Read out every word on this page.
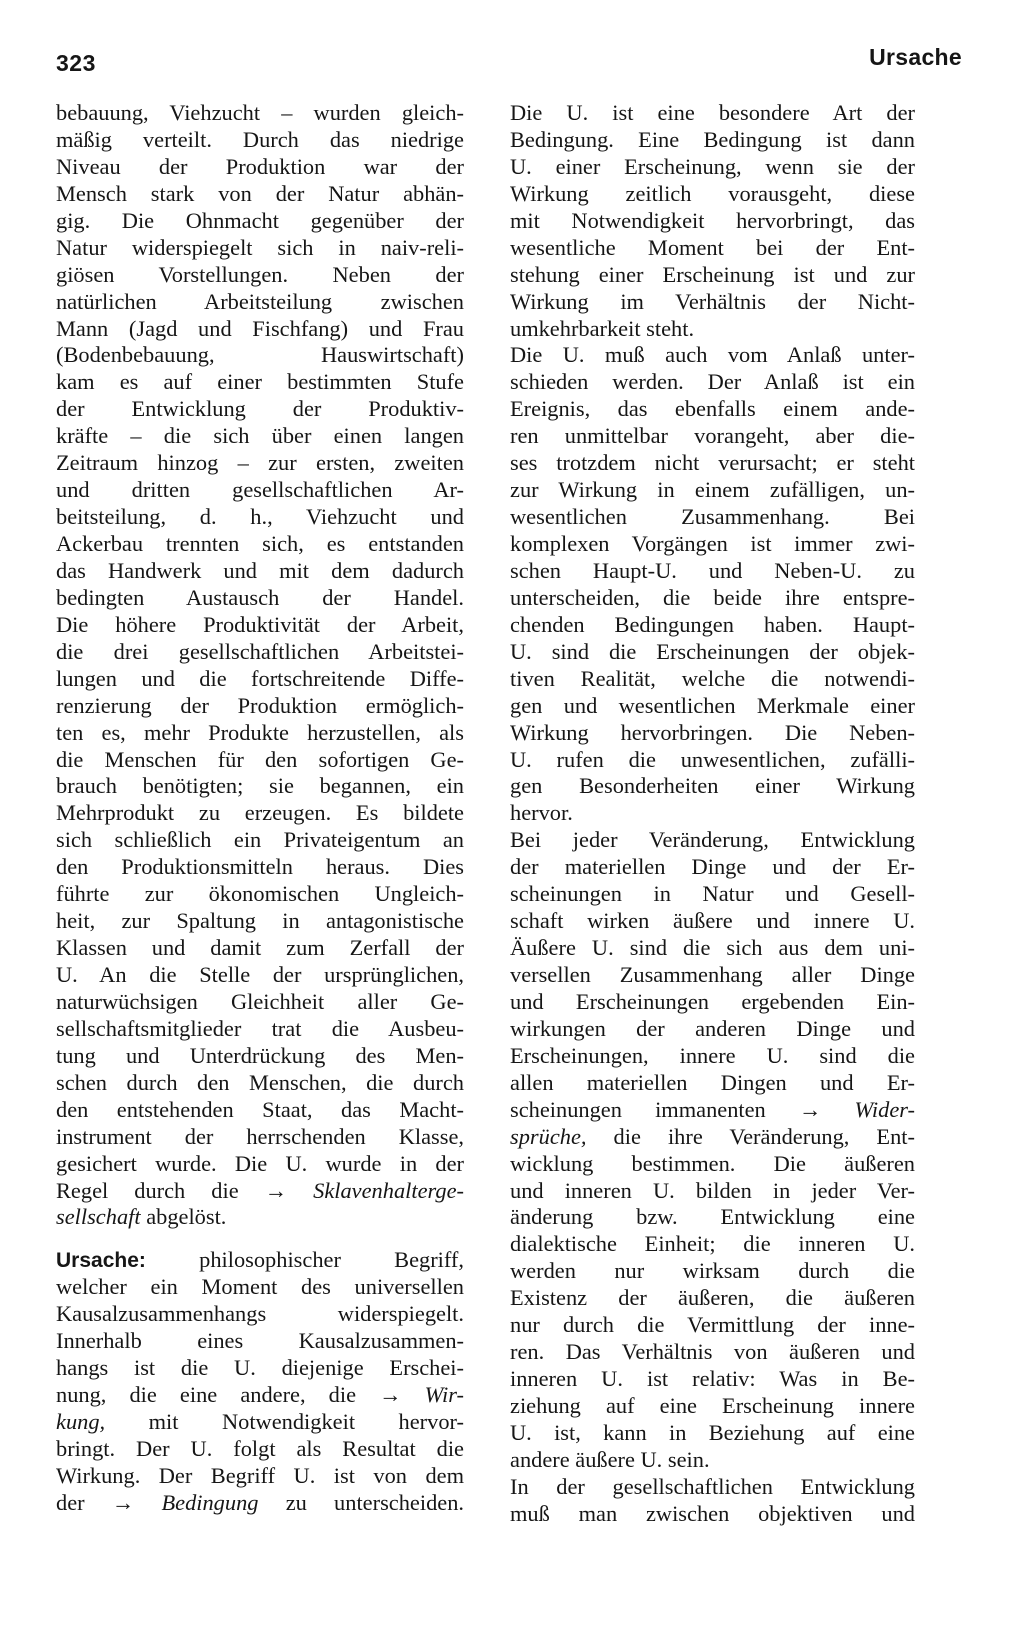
323	Ursache
bebauung, Viehzucht – wurden gleich-
mäßig verteilt. Durch das niedrige
Niveau der Produktion war der
Mensch stark von der Natur abhän-
gig. Die Ohnmacht gegenüber der
Natur widerspiegelt sich in naiv-reli-
giösen Vorstellungen. Neben der
natürlichen Arbeitsteilung zwischen
Mann (Jagd und Fischfang) und Frau
(Bodenbebauung, Hauswirtschaft)
kam es auf einer bestimmten Stufe
der Entwicklung der Produktiv-
kräfte – die sich über einen langen
Zeitraum hinzog – zur ersten, zweiten
und dritten gesellschaftlichen Ar-
beitsteilung, d. h., Viehzucht und
Ackerbau trennten sich, es entstanden
das Handwerk und mit dem dadurch
bedingten Austausch der Handel.
Die höhere Produktivität der Arbeit,
die drei gesellschaftlichen Arbeitstei-
lungen und die fortschreitende Diffe-
renzierung der Produktion ermöglich-
ten es, mehr Produkte herzustellen, als
die Menschen für den sofortigen Ge-
brauch benötigten; sie begannen, ein
Mehrprodukt zu erzeugen. Es bildete
sich schließlich ein Privateigentum an
den Produktionsmitteln heraus. Dies
führte zur ökonomischen Ungleich-
heit, zur Spaltung in antagonistische
Klassen und damit zum Zerfall der
U. An die Stelle der ursprünglichen,
naturwüchsigen Gleichheit aller Ge-
sellschaftsmitglieder trat die Ausbeu-
tung und Unterdrückung des Men-
schen durch den Menschen, die durch
den entstehenden Staat, das Macht-
instrument der herrschenden Klasse,
gesichert wurde. Die U. wurde in der
Regel durch die → Sklavenhalterge-
sellschaft abgelöst.
Ursache: philosophischer Begriff,
welcher ein Moment des universellen
Kausalzusammenhangs widerspiegelt.
Innerhalb eines Kausalzusammen-
hangs ist die U. diejenige Erschei-
nung, die eine andere, die → Wir-
kung, mit Notwendigkeit hervor-
bringt. Der U. folgt als Resultat die
Wirkung. Der Begriff U. ist von dem
der → Bedingung zu unterscheiden.
Die U. ist eine besondere Art der
Bedingung. Eine Bedingung ist dann
U. einer Erscheinung, wenn sie der
Wirkung zeitlich vorausgeht, diese
mit Notwendigkeit hervorbringt, das
wesentliche Moment bei der Ent-
stehung einer Erscheinung ist und zur
Wirkung im Verhältnis der Nicht-
umkehrbarkeit steht.
Die U. muß auch vom Anlaß unter-
schieden werden. Der Anlaß ist ein
Ereignis, das ebenfalls einem ande-
ren unmittelbar vorangeht, aber die-
ses trotzdem nicht verursacht; er steht
zur Wirkung in einem zufälligen, un-
wesentlichen Zusammenhang. Bei
komplexen Vorgängen ist immer zwi-
schen Haupt-U. und Neben-U. zu
unterscheiden, die beide ihre entspre-
chenden Bedingungen haben. Haupt-
U. sind die Erscheinungen der objek-
tiven Realität, welche die notwendi-
gen und wesentlichen Merkmale einer
Wirkung hervorbringen. Die Neben-
U. rufen die unwesentlichen, zufälli-
gen Besonderheiten einer Wirkung
hervor.
Bei jeder Veränderung, Entwicklung
der materiellen Dinge und der Er-
scheinungen in Natur und Gesell-
schaft wirken äußere und innere U.
Äußere U. sind die sich aus dem uni-
versellen Zusammenhang aller Dinge
und Erscheinungen ergebenden Ein-
wirkungen der anderen Dinge und
Erscheinungen, innere U. sind die
allen materiellen Dingen und Er-
scheinungen immanenten → Wider-
sprüche, die ihre Veränderung, Ent-
wicklung bestimmen. Die äußeren
und inneren U. bilden in jeder Ver-
änderung bzw. Entwicklung eine
dialektische Einheit; die inneren U.
werden nur wirksam durch die
Existenz der äußeren, die äußeren
nur durch die Vermittlung der inne-
ren. Das Verhältnis von äußeren und
inneren U. ist relativ: Was in Be-
ziehung auf eine Erscheinung innere
U. ist, kann in Beziehung auf eine
andere äußere U. sein.
In der gesellschaftlichen Entwicklung
muß man zwischen objektiven und
